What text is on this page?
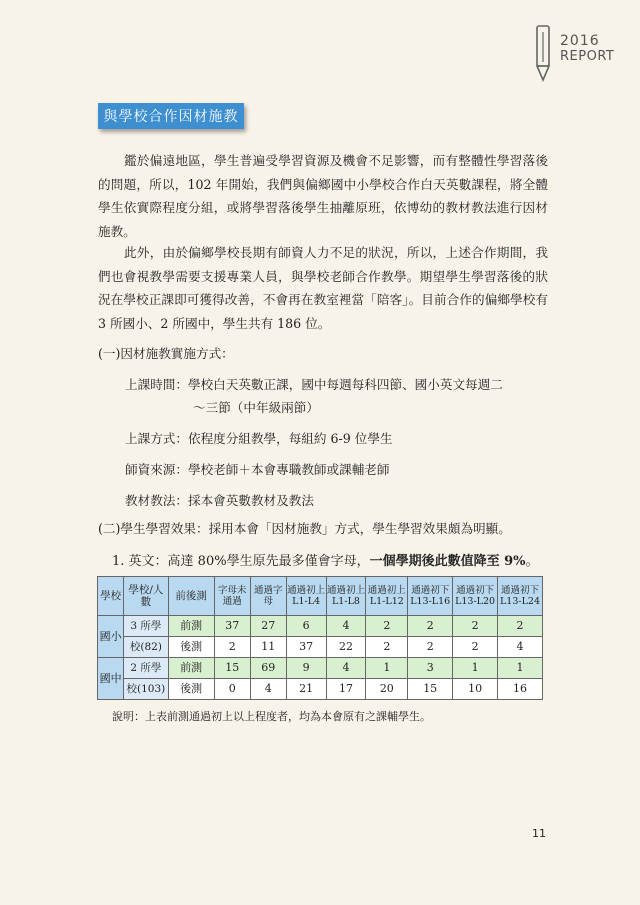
2016
REPORT
與學校合作因材施教

鑑於偏遠地區，學生普遍受學習資源及機會不足影響，而有整體性學習落後的問題，所以，102 年開始，我們與偏鄉國中小學校合作白天英數課程，將全體學生依實際程度分組，或將學習落後學生抽離原班，依博幼的教材教法進行因材施教。

此外，由於偏鄉學校長期有師資人力不足的狀況，所以，上述合作期間，我們也會視教學需要支援專業人員，與學校老師合作教學。期望學生學習落後的狀況在學校正課即可獲得改善，不會再在教室裡當「陪客」。目前合作的偏鄉學校有 3 所國小、2 所國中，學生共有 186 位。

(一)因材施教實施方式：
上課時間：學校白天英數正課，國中每週每科四節、國小英文每週二
～三節（中年級兩節）
上課方式：依程度分組教學，每組約 6-9 位學生
師資來源：學校老師＋本會專職教師或課輔老師
教材教法：採本會英數教材及教法
(二)學生學習效果：採用本會「因材施教」方式，學生學習效果頗為明顯。
1. 英文：高達 80%學生原先最多僅會字母，一個學期後此數值降至 9%。
學校	學校/人數	前後測	字母未通過	通過字母	通過初上L1-L4	通過初上L1-L8	通過初上L1-L12	通過初下L13-L16	通過初下L13-L20	通過初下L13-L24
國小	3 所學	前測	37	27	6	4	2	2	2	2
	校(82)	後測	2	11	37	22	2	2	2	4
國中	2 所學	前測	15	69	9	4	1	3	1	1
	校(103)	後測	0	4	21	17	20	15	10	16
說明：上表前測通過初上以上程度者，均為本會原有之課輔學生。
11
